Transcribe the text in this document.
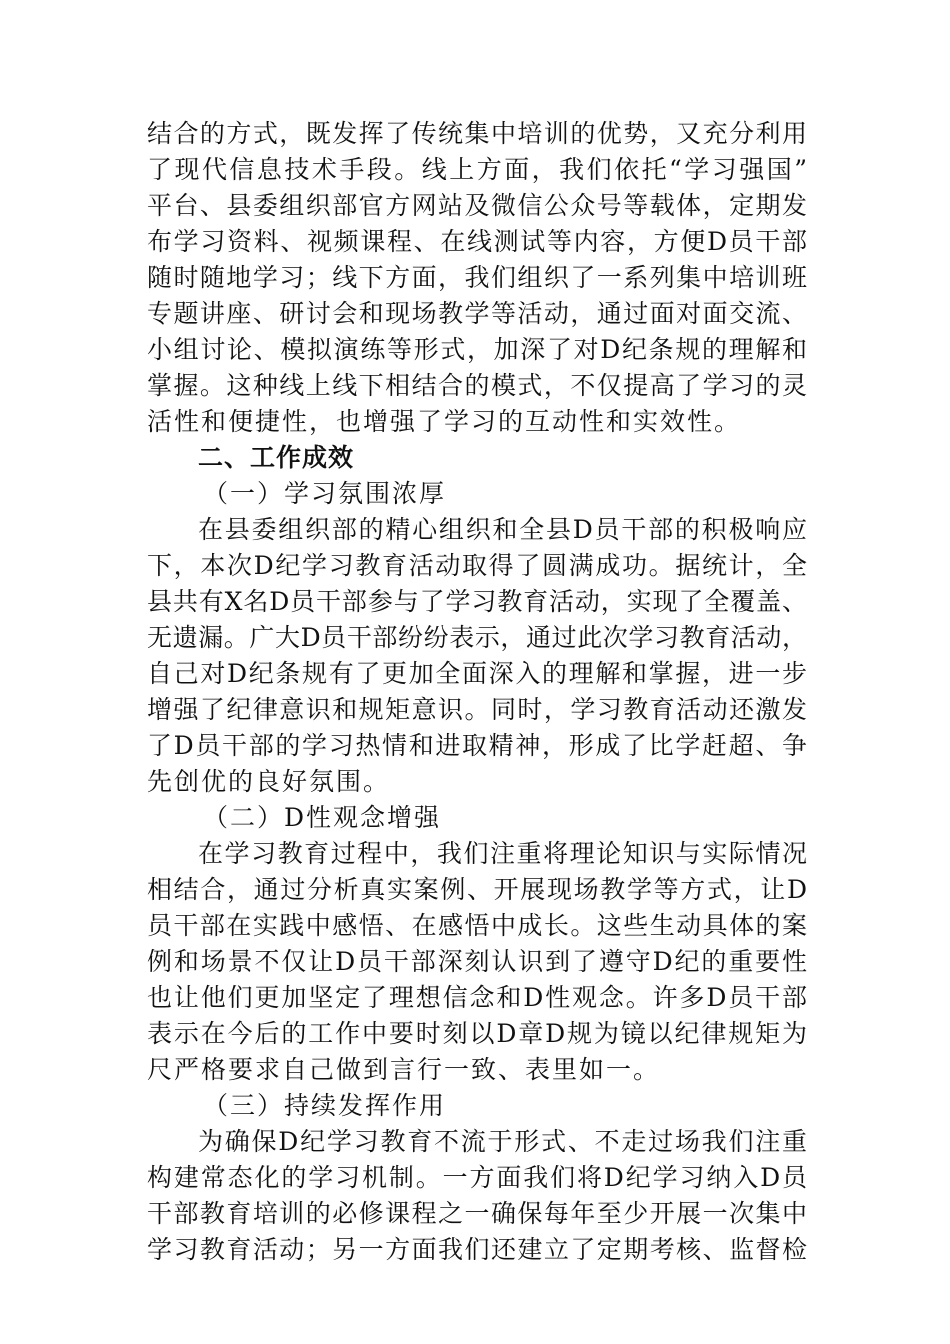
结合的方式，既发挥了传统集中培训的优势，又充分利用
了现代信息技术手段。线上方面，我们依托“学习强国”
平台、县委组织部官方网站及微信公众号等载体，定期发
布学习资料、视频课程、在线测试等内容，方便D员干部
随时随地学习；线下方面，我们组织了一系列集中培训班
专题讲座、研讨会和现场教学等活动，通过面对面交流、
小组讨论、模拟演练等形式，加深了对D纪条规的理解和
掌握。这种线上线下相结合的模式，不仅提高了学习的灵
活性和便捷性，也增强了学习的互动性和实效性。
二、工作成效
（一）学习氛围浓厚
在县委组织部的精心组织和全县D员干部的积极响应
下，本次D纪学习教育活动取得了圆满成功。据统计，全
县共有X名D员干部参与了学习教育活动，实现了全覆盖、
无遗漏。广大D员干部纷纷表示，通过此次学习教育活动，
自己对D纪条规有了更加全面深入的理解和掌握，进一步
增强了纪律意识和规矩意识。同时，学习教育活动还激发
了D员干部的学习热情和进取精神，形成了比学赶超、争
先创优的良好氛围。
（二）D性观念增强
在学习教育过程中，我们注重将理论知识与实际情况
相结合，通过分析真实案例、开展现场教学等方式，让D
员干部在实践中感悟、在感悟中成长。这些生动具体的案
例和场景不仅让D员干部深刻认识到了遵守D纪的重要性
也让他们更加坚定了理想信念和D性观念。许多D员干部
表示在今后的工作中要时刻以D章D规为镜以纪律规矩为
尺严格要求自己做到言行一致、表里如一。
（三）持续发挥作用
为确保D纪学习教育不流于形式、不走过场我们注重
构建常态化的学习机制。一方面我们将D纪学习纳入D员
干部教育培训的必修课程之一确保每年至少开展一次集中
学习教育活动；另一方面我们还建立了定期考核、监督检
